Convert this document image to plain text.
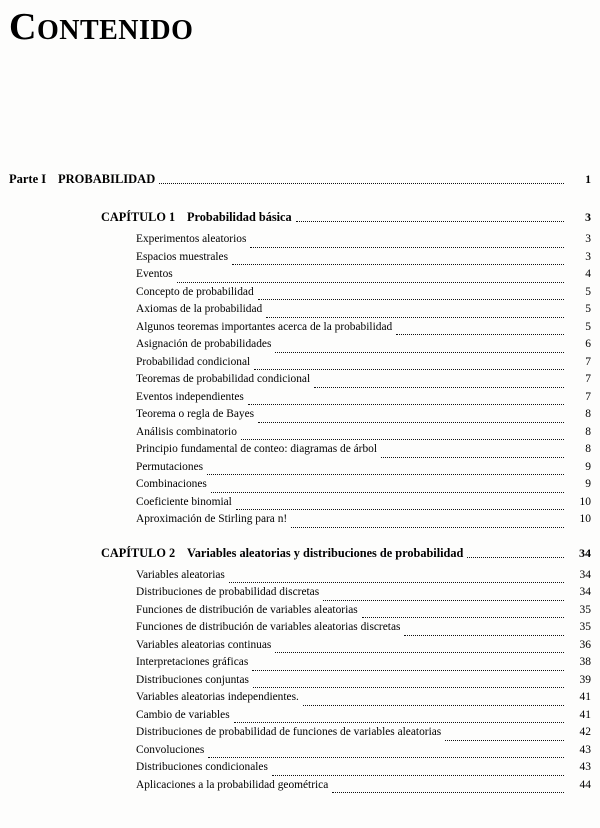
CONTENIDO
Parte I PROBABILIDAD	1
CAPÍTULO 1 Probabilidad básica	3
Experimentos aleatorios	3
Espacios muestrales	3
Eventos	4
Concepto de probabilidad	5
Axiomas de la probabilidad	5
Algunos teoremas importantes acerca de la probabilidad	5
Asignación de probabilidades	6
Probabilidad condicional	7
Teoremas de probabilidad condicional	7
Eventos independientes	7
Teorema o regla de Bayes	8
Análisis combinatorio	8
Principio fundamental de conteo: diagramas de árbol	8
Permutaciones	9
Combinaciones	9
Coeficiente binomial	10
Aproximación de Stirling para n!	10
CAPÍTULO 2 Variables aleatorias y distribuciones de probabilidad	34
Variables aleatorias	34
Distribuciones de probabilidad discretas	34
Funciones de distribución de variables aleatorias	35
Funciones de distribución de variables aleatorias discretas	35
Variables aleatorias continuas	36
Interpretaciones gráficas	38
Distribuciones conjuntas	39
Variables aleatorias independientes.	41
Cambio de variables	41
Distribuciones de probabilidad de funciones de variables aleatorias	42
Convoluciones	43
Distribuciones condicionales	43
Aplicaciones a la probabilidad geométrica	44
